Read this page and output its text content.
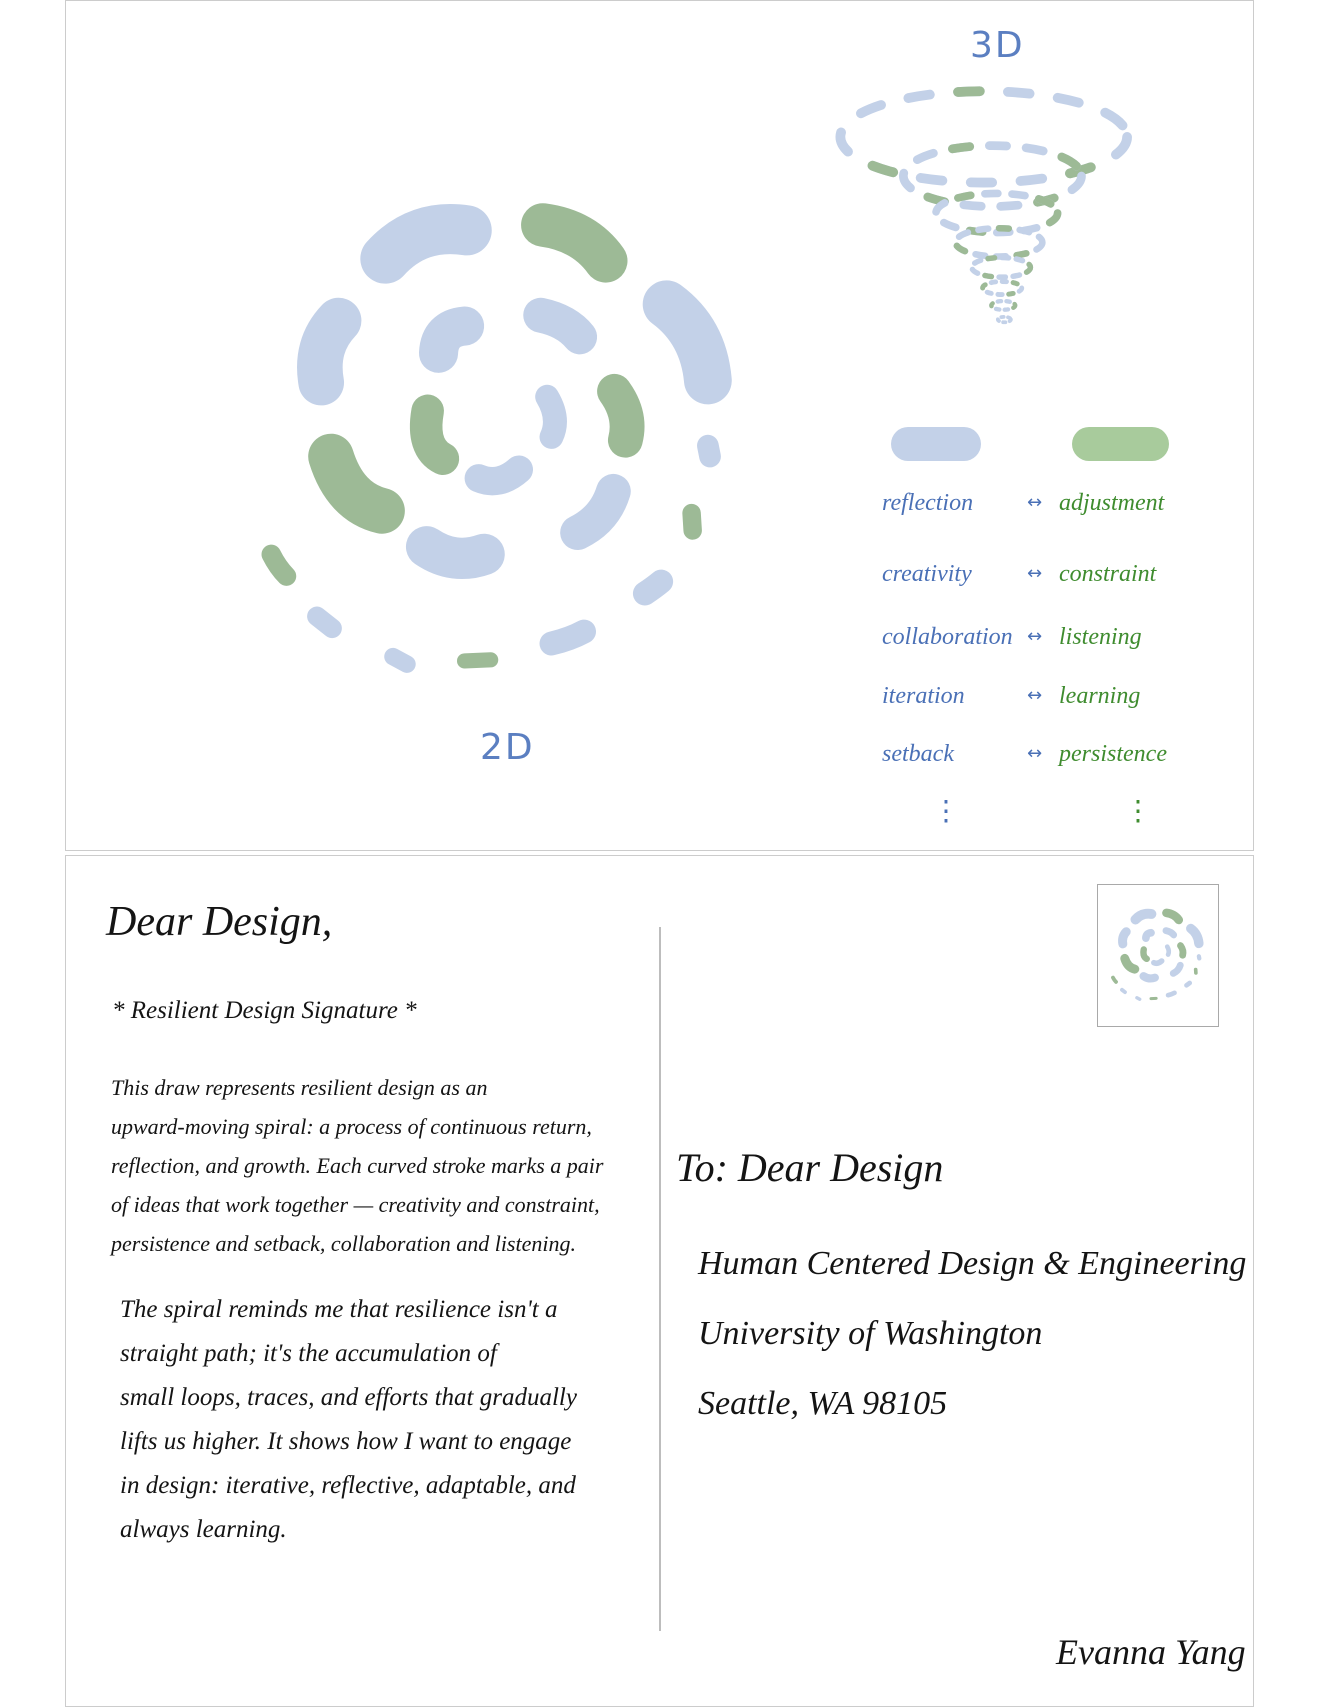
3D
2D
reflection	↔ adjustment
creativity	↔ constraint
collaboration ↔ listening
iteration	↔ learning
setback	↔ persistence
⋮	⋮
Dear Design,
* Resilient Design Signature *
This draw represents resilient design as an
upward-moving spiral: a process of continuous return,
reflection, and growth. Each curved stroke marks a pair
of ideas that work together — creativity and constraint,
persistence and setback, collaboration and listening.
The spiral reminds me that resilience isn't a
straight path; it's the accumulation of
small loops, traces, and efforts that gradually
lifts us higher. It shows how I want to engage
in design: iterative, reflective, adaptable, and
always learning.
To: Dear Design
Human Centered Design & Engineering
University of Washington
Seattle, WA 98105
Evanna Yang
